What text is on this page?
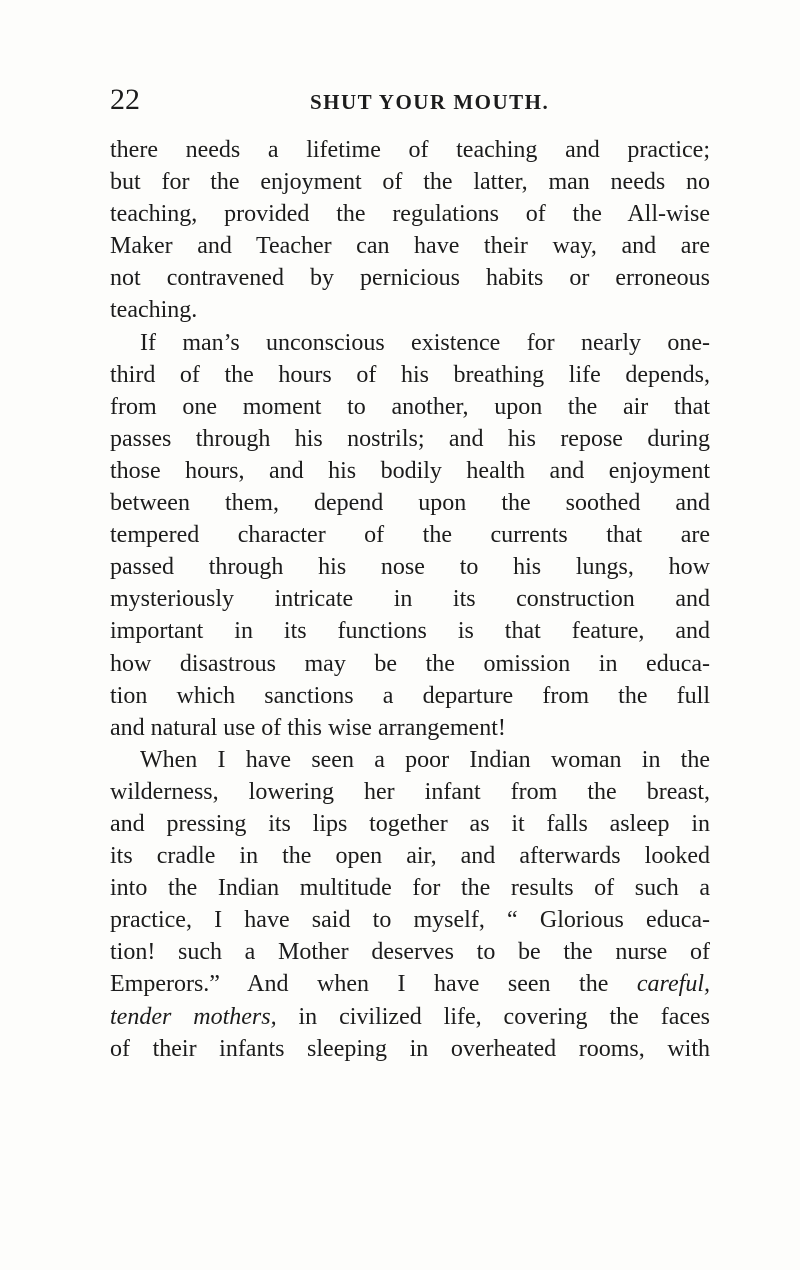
22	SHUT YOUR MOUTH.
there needs a lifetime of teaching and practice;
but for the enjoyment of the latter, man needs no
teaching, provided the regulations of the All-wise
Maker and Teacher can have their way, and are
not contravened by pernicious habits or erroneous
teaching.
If man’s unconscious existence for nearly one-
third of the hours of his breathing life depends,
from one moment to another, upon the air that
passes through his nostrils; and his repose during
those hours, and his bodily health and enjoyment
between them, depend upon the soothed and
tempered character of the currents that are
passed through his nose to his lungs, how
mysteriously intricate in its construction and
important in its functions is that feature, and
how disastrous may be the omission in educa-
tion which sanctions a departure from the full
and natural use of this wise arrangement!
When I have seen a poor Indian woman in the
wilderness, lowering her infant from the breast,
and pressing its lips together as it falls asleep in
its cradle in the open air, and afterwards looked
into the Indian multitude for the results of such a
practice, I have said to myself, “ Glorious educa-
tion! such a Mother deserves to be the nurse of
Emperors.” And when I have seen the careful,
tender mothers, in civilized life, covering the faces
of their infants sleeping in overheated rooms, with
